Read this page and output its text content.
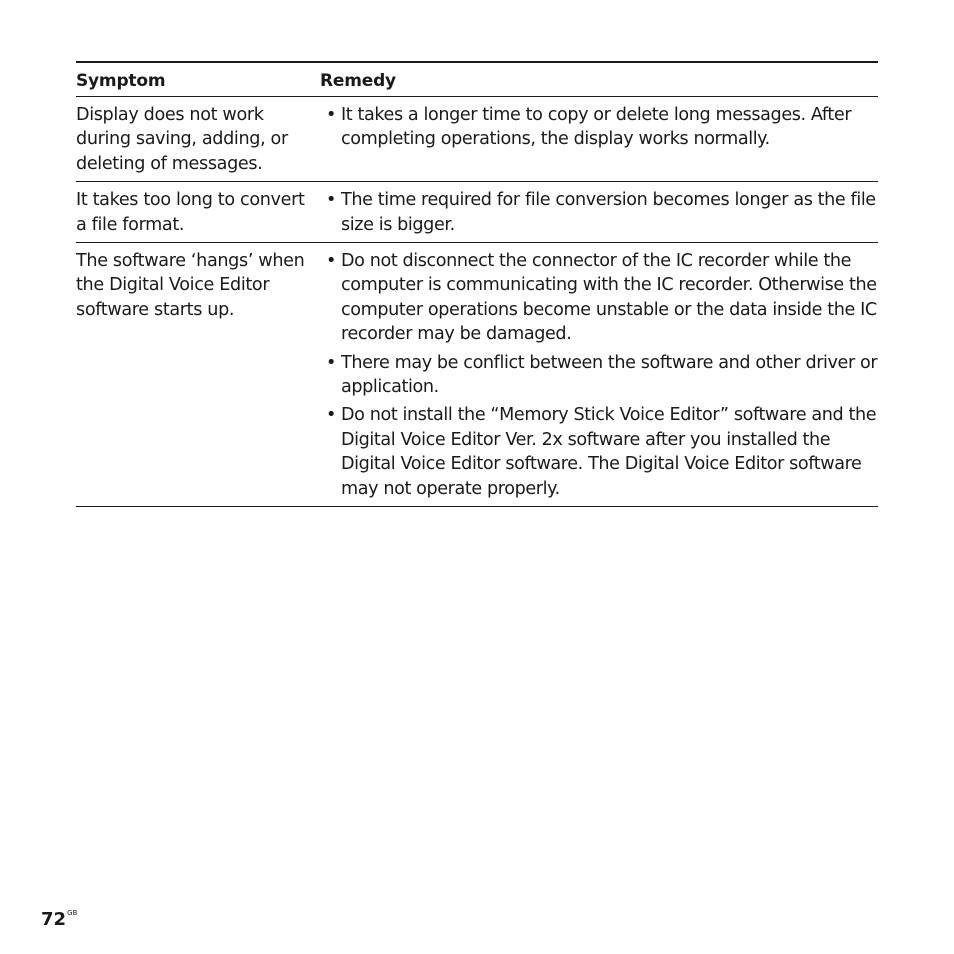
Symptom	Remedy
Display does not work during saving, adding, or deleting of messages.
• It takes a longer time to copy or delete long messages. After completing operations, the display works normally.
It takes too long to convert a file format.
• The time required for file conversion becomes longer as the file size is bigger.
The software ‘hangs’ when the Digital Voice Editor software starts up.
• Do not disconnect the connector of the IC recorder while the computer is communicating with the IC recorder. Otherwise the computer operations become unstable or the data inside the IC recorder may be damaged.
• There may be conflict between the software and other driver or application.
• Do not install the “Memory Stick Voice Editor” software and the Digital Voice Editor Ver. 2x software after you installed the Digital Voice Editor software. The Digital Voice Editor software may not operate properly.
$72^{GB}$
